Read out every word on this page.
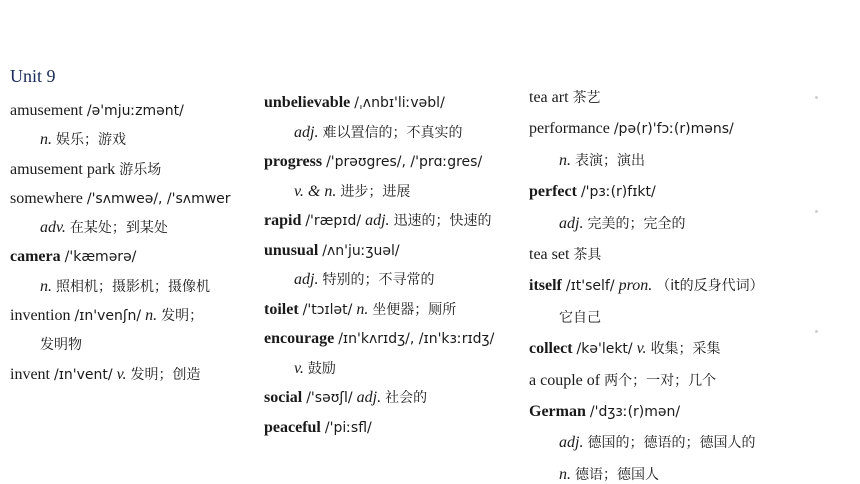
Unit 9
amusement /ə'mjuːzmənt/
n. 娱乐；游戏
amusement park 游乐场
somewhere /'sʌmweə/, /'sʌmwer
adv. 在某处；到某处
camera /'kæmərə/
n. 照相机；摄影机；摄像机
invention /ɪn'venʃn/ n. 发明；
发明物
invent /ɪn'vent/ v. 发明；创造
unbelievable /ˌʌnbɪ'liːvəbl/
adj. 难以置信的；不真实的
progress /'prəʊgres/, /'prɑːgres/
v. & n. 进步；进展
rapid /'ræpɪd/ adj. 迅速的；快速的
unusual /ʌn'juːʒuəl/
adj. 特别的；不寻常的
toilet /'tɔɪlət/ n. 坐便器；厕所
encourage /ɪn'kʌrɪdʒ/, /ɪn'kɜːrɪdʒ/
v. 鼓励
social /'səʊʃl/ adj. 社会的
peaceful /'piːsfl/
tea art 茶艺
performance /pə(r)'fɔː(r)məns/
n. 表演；演出
perfect /'pɜː(r)fɪkt/
adj. 完美的；完全的
tea set 茶具
itself /ɪt'self/ pron. （it的反身代词）
它自己
collect /kə'lekt/ v. 收集；采集
a couple of 两个；一对；几个
German /'dʒɜː(r)mən/
adj. 德国的；德语的；德国人的
n. 德语；德国人
